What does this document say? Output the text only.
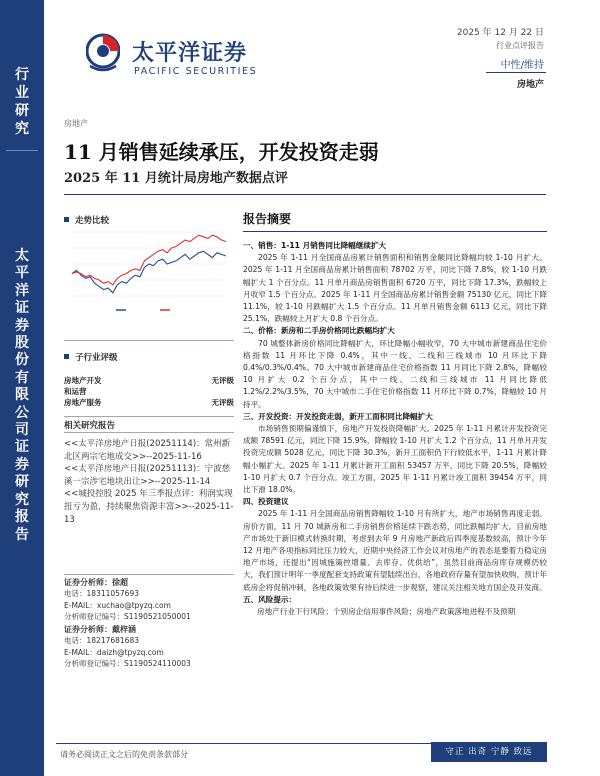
行业研究
太平洋证券股份有限公司证券研究报告
太平洋证券
PACIFIC SECURITIES
2025 年 12 月 22 日
行业点评报告
中性/维持
房地产
房地产
11 月销售延续承压，开发投资走弱
2025 年 11 月统计局房地产数据点评
走势比较
子行业评级
房地产开发	无评级
和运营
房地产服务	无评级
相关研究报告
<<太平洋房地产日报(20251114)：常州新北区两宗宅地成交>>--2025-11-16
<<太平洋房地产日报(20251113)：宁波慈溪一宗涉宅地块出让>>--2025-11-14
<<城投控股 2025 年三季报点评：利润实现扭亏为盈，持续聚焦资源丰富>>--2025-11-13
证券分析师：徐超
电话：18311057693
E-MAIL：xuchao@tpyzq.com
分析师登记编号：S1190521050001
证券分析师：戴梓涵
电话：18217681683
E-MAIL：daizh@tpyzq.com
分析师登记编号：S1190524110003
报告摘要
一、销售：1-11 月销售同比降幅继续扩大
2025 年 1-11 月全国商品房累计销售面积和销售金额同比降幅均较 1-10 月扩大。2025 年 1-11 月全国商品房累计销售面积 78702 万平，同比下降 7.8%，较 1-10 月跌幅扩大 1 个百分点。11 月单月商品房销售面积 6720 万平，同比下降 17.3%，跌幅较上月收窄 1.5 个百分点。2025 年 1-11 月全国商品房累计销售金额 75130 亿元，同比下降 11.1%，较 1-10 月跌幅扩大 1.5 个百分点。11 月单月销售金额 6113 亿元，同比下降 25.1%，跌幅较上月扩大 0.8 个百分点。
二、价格：新房和二手房价格同比跌幅均扩大
70 城整体新房价格同比降幅扩大，环比降幅小幅收窄，70 大中城市新建商品住宅价格指数 11 月环比下降 0.4%，其中一线、二线和三线城市 10 月环比下降 0.4%/0.3%/0.4%。70 大中城市新建商品住宅价格指数 11 月同比下降 2.8%，降幅较 10 月扩大 0.2 个百分点，其中一线、二线和三线城市 11 月同比降低 1.2%/2.2%/3.5%，70 大中城市二手住宅价格指数 11 月环比下降 0.7%，降幅较 10 月持平。
三、开发投资：开发投资走弱，新开工面积同比降幅扩大
市场销售预期偏谨慎下，房地产开发投资降幅扩大。2025 年 1-11 月累计开发投资完成额 78591 亿元，同比下降 15.9%，降幅较 1-10 月扩大 1.2 个百分点，11 月单月开发投资完成额 5028 亿元，同比下降 30.3%，新开工面积仍下行较低水平，1-11 月累计降幅小幅扩大。2025 年 1-11 月累计新开工面积 53457 万平，同比下降 20.5%，降幅较 1-10 月扩大 0.7 个百分点。竣工方面，2025 年 1-11 月累计竣工面积 39454 万平，同比下滑 18.0%。
四、投资建议
2025 年 1-11 月全国商品房销售降幅较 1-10 月有所扩大，地产市场销售再度走弱。房价方面，11 月 70 城新房和二手房销售价格延续下跌态势，同比跌幅均扩大。目前房地产市场处于新旧模式转换时期，考虑到去年 9 月房地产新政后四季度基数较高，预计今年 12 月地产各项指标同比压力较大，近期中央经济工作会议对房地产的表态是要着力稳定房地产市场，还提出“因城施策控增量、去库存、优供给”，虽然目前商品房库存规模仍较大，我们预计明年一季度配套支持政策有望陆续出台，各地政府存量有望加快收购，预计年底房企将促销冲刺，各地政策效果有待后续进一步观察，建议关注相关地方国企及开发商。
五、风险提示：
房地产行业下行风险；个别房企信用事件风险；房地产政策落地进程不及预期
请务必阅读正文之后的免责条款部分	守正 出奇 宁静 致远
